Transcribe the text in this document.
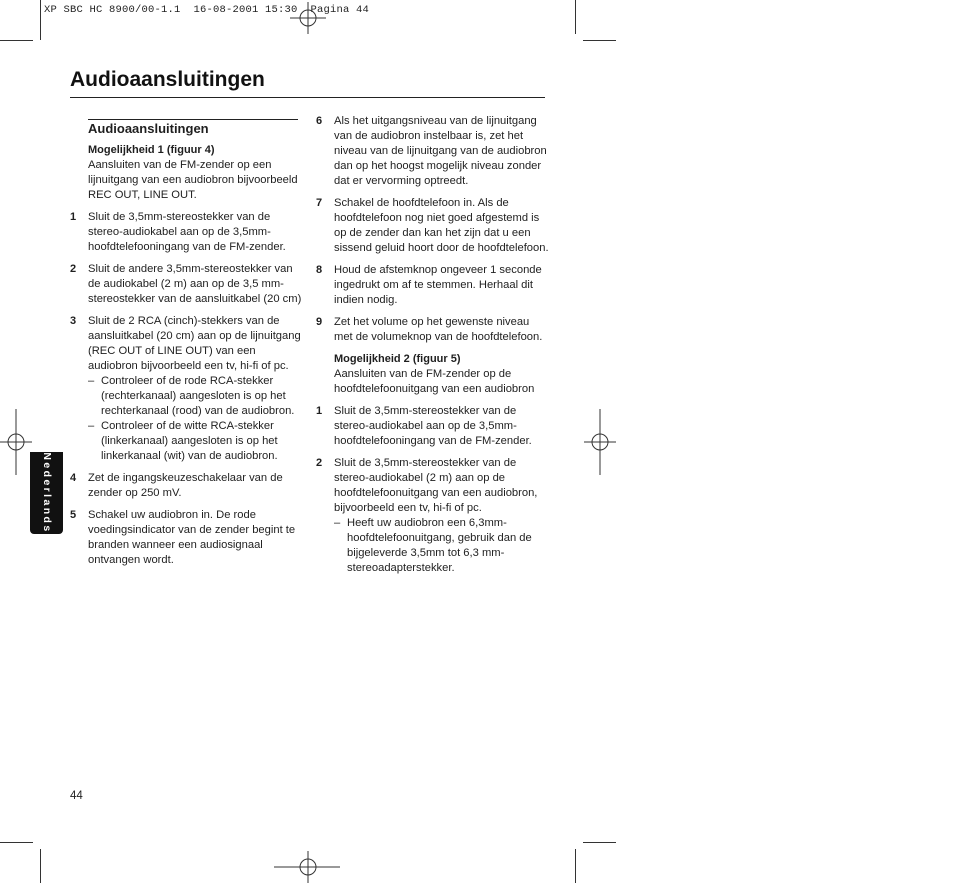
XP SBC HC 8900/00-1.1  16-08-2001 15:30  Pagina 44
Audioaansluitingen
Audioaansluitingen
Mogelijkheid 1 (figuur 4)
Aansluiten van de FM-zender op een lijnuitgang van een audiobron bijvoorbeeld REC OUT, LINE OUT.
1 Sluit de 3,5mm-stereostekker van de stereo-audiokabel aan op de 3,5mm-hoofdtelefooningang van de FM-zender.
2 Sluit de andere 3,5mm-stereostekker van de audiokabel (2 m) aan op de 3,5 mm-stereostekker van de aansluitkabel (20 cm)
3 Sluit de 2 RCA (cinch)-stekkers van de aansluitkabel (20 cm) aan op de lijnuitgang (REC OUT of LINE OUT) van een audiobron bijvoorbeeld een tv, hi-fi of pc.
– Controleer of de rode RCA-stekker (rechterkanaal) aangesloten is op het rechterkanaal (rood) van de audiobron.
– Controleer of de witte RCA-stekker (linkerkanaal) aangesloten is op het linkerkanaal (wit) van de audiobron.
4 Zet de ingangskeuzeschakelaar van de zender op 250 mV.
5 Schakel uw audiobron in. De rode voedingsindicator van de zender begint te branden wanneer een audiosignaal ontvangen wordt.
6 Als het uitgangsniveau van de lijnuitgang van de audiobron instelbaar is, zet het niveau van de lijnuitgang van de audiobron dan op het hoogst mogelijk niveau zonder dat er vervorming optreedt.
7 Schakel de hoofdtelefoon in. Als de hoofdtelefoon nog niet goed afgestemd is op de zender dan kan het zijn dat u een sissend geluid hoort door de hoofdtelefoon.
8 Houd de afstemknop ongeveer 1 seconde ingedrukt om af te stemmen. Herhaal dit indien nodig.
9 Zet het volume op het gewenste niveau met de volumeknop van de hoofdtelefoon.
Mogelijkheid 2 (figuur 5)
Aansluiten van de FM-zender op de hoofdtelefoonuitgang van een audiobron
1 Sluit de 3,5mm-stereostekker van de stereo-audiokabel aan op de 3,5mm-hoofdtelefooningang van de FM-zender.
2 Sluit de 3,5mm-stereostekker van de stereo-audiokabel (2 m) aan op de hoofdtelefoonuitgang van een audiobron, bijvoorbeeld een tv, hi-fi of pc.
– Heeft uw audiobron een 6,3mm-hoofdtelefoonuitgang, gebruik dan de bijgeleverde 3,5mm tot 6,3 mm-stereoadapterstekker.
Nederlands
44
